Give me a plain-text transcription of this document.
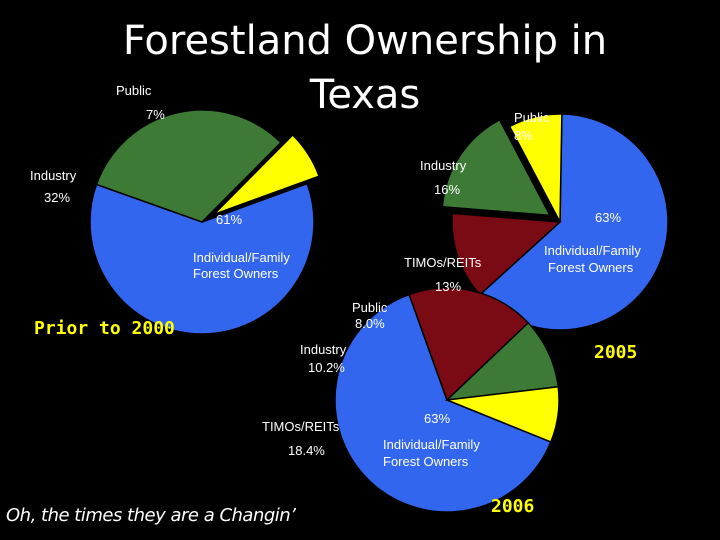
Forestland Ownership in
Texas
Public
7%
Industry
32%
61%
Individual/Family
Forest Owners
Prior to 2000
Public
8%
Industry
16%
63%
Individual/Family
Forest Owners
TIMOs/REITs
13%
2005
Public
8.0%
Industry
10.2%
63%
Individual/Family
Forest Owners
TIMOs/REITs
18.4%
2006
Oh, the times they are a Changin’
